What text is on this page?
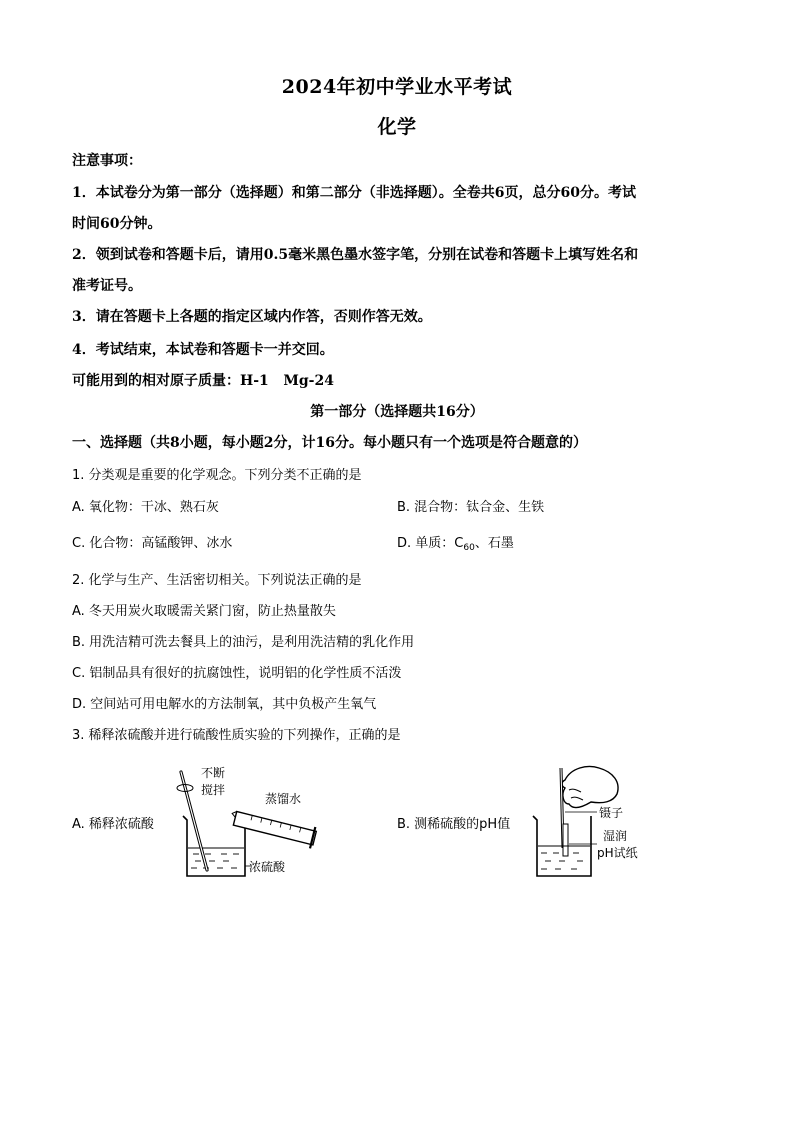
2024年初中学业水平考试
化学
注意事项：
1．本试卷分为第一部分（选择题）和第二部分（非选择题）。全卷共6页，总分60分。考试
时间60分钟。
2．领到试卷和答题卡后，请用0.5毫米黑色墨水签字笔，分别在试卷和答题卡上填写姓名和
准考证号。
3．请在答题卡上各题的指定区域内作答，否则作答无效。
4．考试结束，本试卷和答题卡一并交回。
可能用到的相对原子质量：H-1   Mg-24
第一部分（选择题共16分）
一、选择题（共8小题，每小题2分，计16分。每小题只有一个选项是符合题意的）
1. 分类观是重要的化学观念。下列分类不正确的是
A. 氧化物：干冰、熟石灰	B. 混合物：钛合金、生铁
C. 化合物：高锰酸钾、冰水	D. 单质：$C_{60}$、石墨
2. 化学与生产、生活密切相关。下列说法正确的是
A. 冬天用炭火取暖需关紧门窗，防止热量散失
B. 用洗洁精可洗去餐具上的油污，是利用洗洁精的乳化作用
C. 铝制品具有很好的抗腐蚀性，说明铝的化学性质不活泼
D. 空间站可用电解水的方法制氧，其中负极产生氧气
3. 稀释浓硫酸并进行硫酸性质实验的下列操作，正确的是
A. 稀释浓硫酸	B. 测稀硫酸的pH值
不断
搅拌
蒸馏水
浓硫酸
镊子
湿润
pH试纸
